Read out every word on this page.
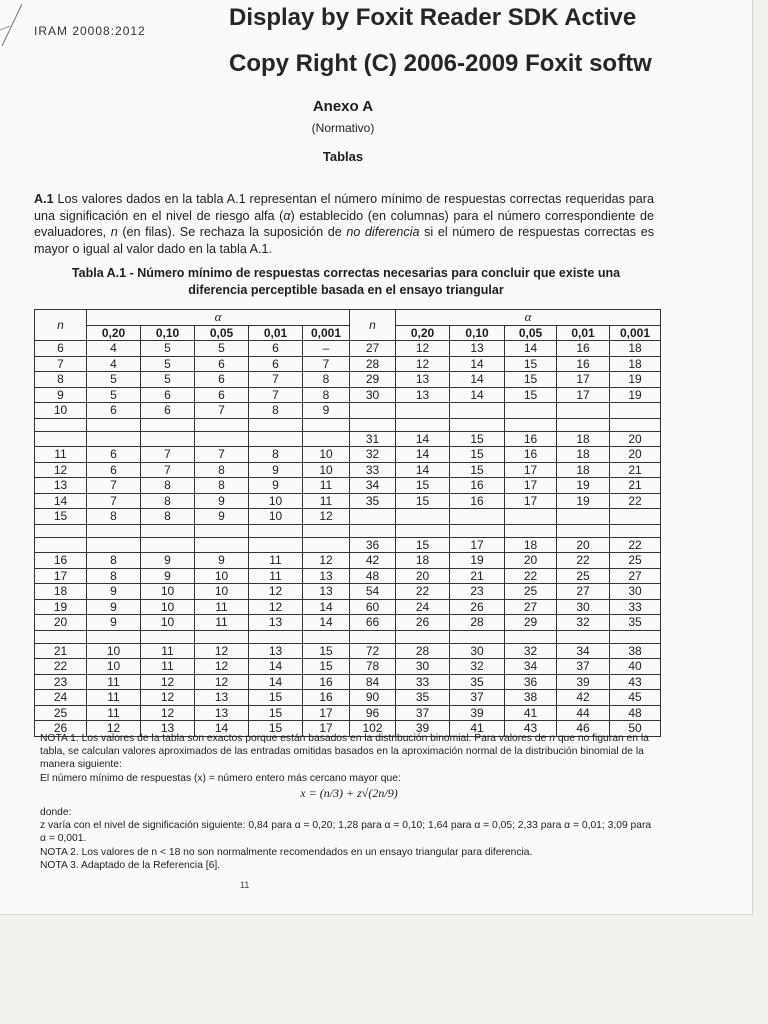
IRAM 20008:2012	Display by Foxit Reader SDK Active
Copy Right (C) 2006-2009 Foxit softw
Anexo A
(Normativo)
Tablas

A.1 Los valores dados en la tabla A.1 representan el número mínimo de respuestas correctas requeridas para una significación en el nivel de riesgo alfa (α) establecido (en columnas) para el número correspondiente de evaluadores, n (en filas). Se rechaza la suposición de no diferencia si el número de respuestas correctas es mayor o igual al valor dado en la tabla A.1.

Tabla A.1 - Número mínimo de respuestas correctas necesarias para concluir que existe una
diferencia perceptible basada en el ensayo triangular

n	α					n	α				
	0,20	0,10	0,05	0,01	0,001		0,20	0,10	0,05	0,01	0,001
6	4	5	5	6	–	27	12	13	14	16	18
7	4	5	6	6	7	28	12	14	15	16	18
8	5	5	6	7	8	29	13	14	15	17	19
9	5	6	6	7	8	30	13	14	15	17	19
10	6	6	7	8	9						

						31	14	15	16	18	20
11	6	7	7	8	10	32	14	15	16	18	20
12	6	7	8	9	10	33	14	15	17	18	21
13	7	8	8	9	11	34	15	16	17	19	21
14	7	8	9	10	11	35	15	16	17	19	22
15	8	8	9	10	12						

						36	15	17	18	20	22
16	8	9	9	11	12	42	18	19	20	22	25
17	8	9	10	11	13	48	20	21	22	25	27
18	9	10	10	12	13	54	22	23	25	27	30
19	9	10	11	12	14	60	24	26	27	30	33
20	9	10	11	13	14	66	26	28	29	32	35

21	10	11	12	13	15	72	28	30	32	34	38
22	10	11	12	14	15	78	30	32	34	37	40
23	11	12	12	14	16	84	33	35	36	39	43
24	11	12	13	15	16	90	35	37	38	42	45
25	11	12	13	15	17	96	37	39	41	44	48
26	12	13	14	15	17	102	39	41	43	46	50

NOTA 1. Los valores de la tabla son exactos porque están basados en la distribución binomial. Para valores de n que no figuran en la tabla, se calculan valores aproximados de las entradas omitidas basados en la aproximación normal de la distribución binomial de la manera siguiente:

El número mínimo de respuestas (x) = número entero más cercano mayor que:

x = (n/3) + z√(2n/9)

donde:

z varía con el nivel de significación siguiente: 0,84 para α = 0,20; 1,28 para α = 0,10; 1,64 para α = 0,05; 2,33 para α = 0,01; 3,09 para α = 0,001.

NOTA 2. Los valores de n < 18 no son normalmente recomendados en un ensayo triangular para diferencia.

NOTA 3. Adaptado de la Referencia [6].

11
